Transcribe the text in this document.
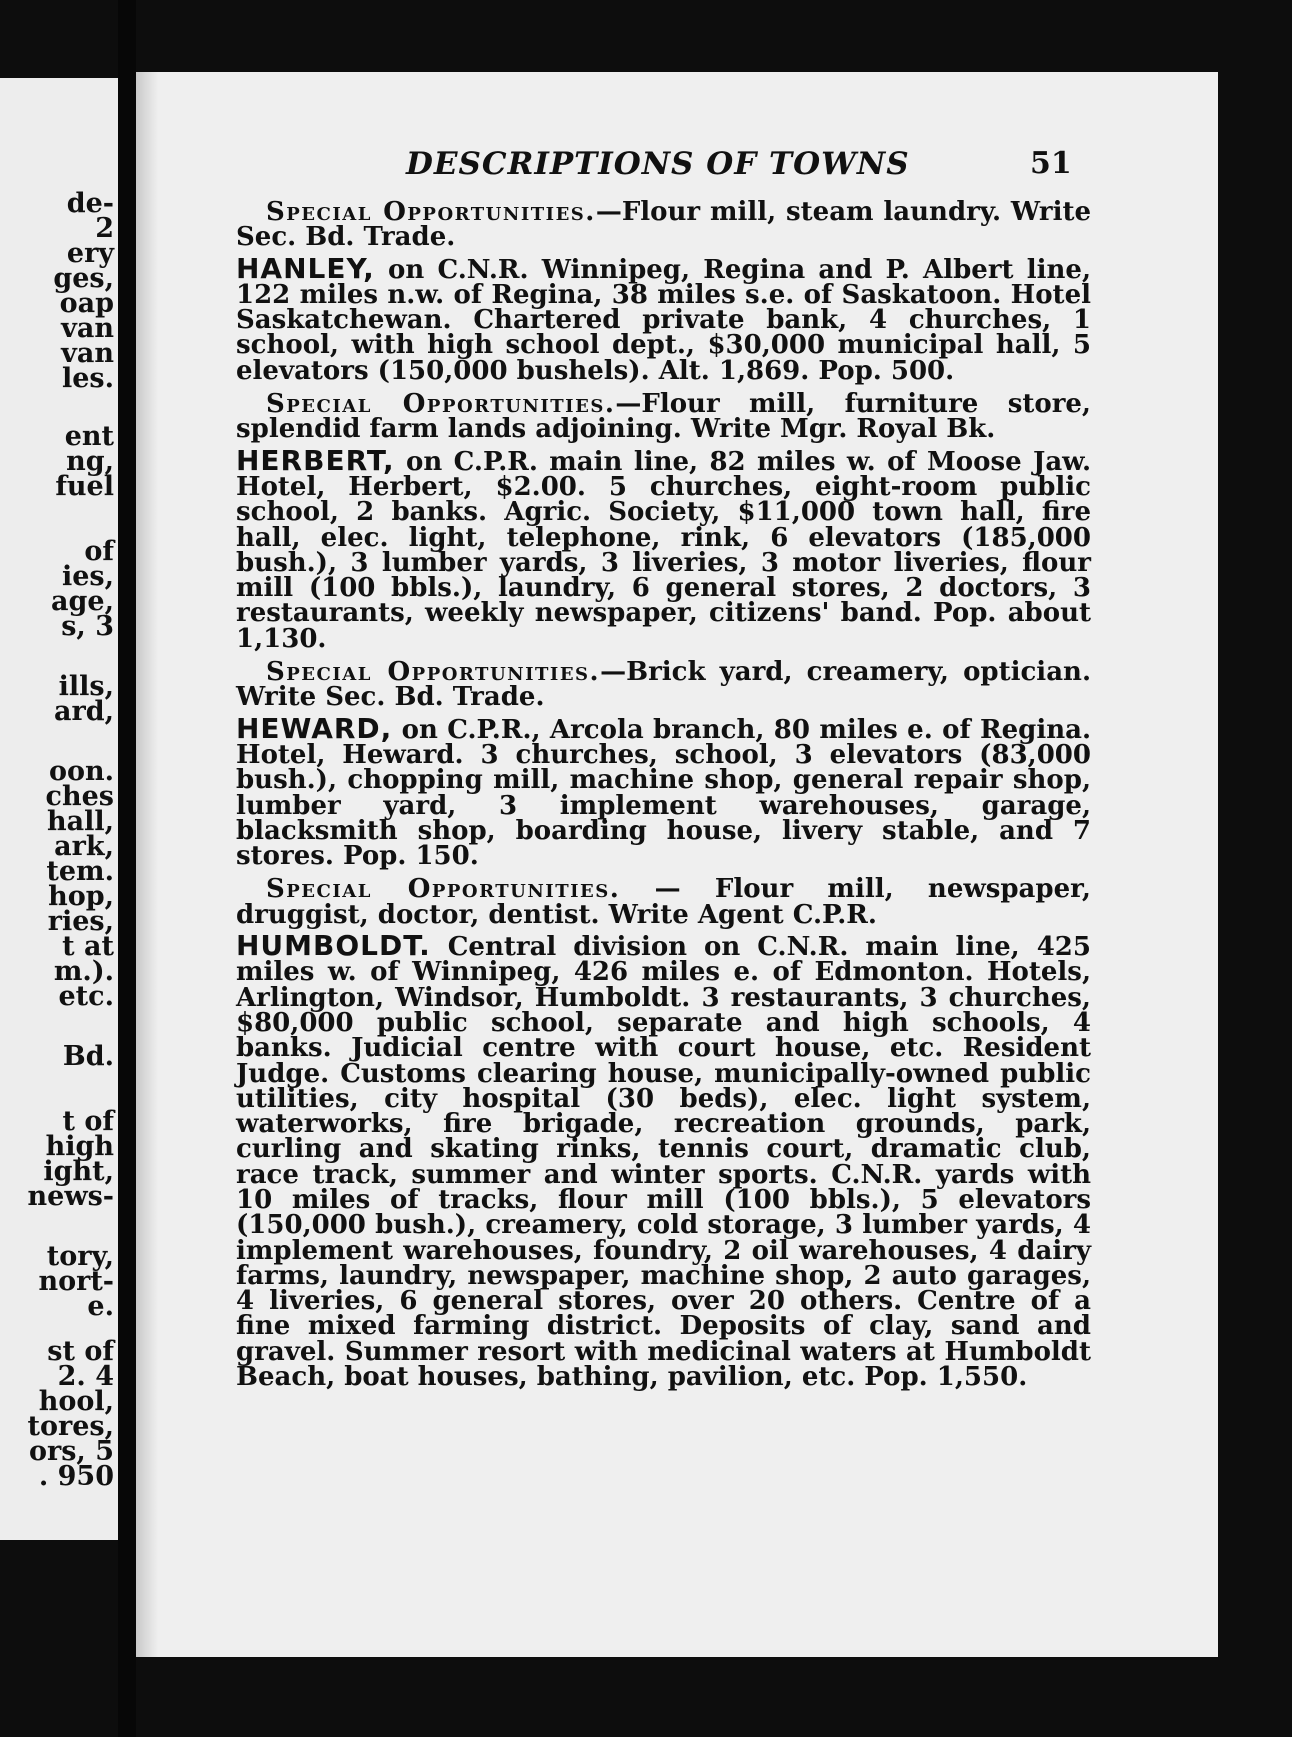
de-

2

ery

ges,

oap

van

van

les.

ent

ng,

fuel

of

ies,

age,

s, 3

ills,

ard,

oon.

ches

hall,

ark,

tem.

hop,

ries,

t at

m.).

etc.

Bd.

t of

high

ight,

news-

tory,

nort-

e.

st of

2. 4

hool,

tores,

ors, 5

. 950

DESCRIPTIONS OF TOWNS	51

Special Opportunities.—Flour mill, steam laundry. Write Sec. Bd. Trade.

HANLEY, on C.N.R. Winnipeg, Regina and P. Albert line, 122 miles n.w. of Regina, 38 miles s.e. of Saskatoon. Hotel Saskatchewan. Chartered private bank, 4 churches, 1 school, with high school dept., $30,000 municipal hall, 5 elevators (150,000 bushels). Alt. 1,869. Pop. 500.

Special Opportunities.—Flour mill, furniture store, splendid farm lands adjoining. Write Mgr. Royal Bk.

HERBERT, on C.P.R. main line, 82 miles w. of Moose Jaw. Hotel, Herbert, $2.00. 5 churches, eight-room public school, 2 banks. Agric. Society, $11,000 town hall, fire hall, elec. light, telephone, rink, 6 elevators (185,000 bush.), 3 lumber yards, 3 liveries, 3 motor liveries, flour mill (100 bbls.), laundry, 6 general stores, 2 doctors, 3 restaurants, weekly newspaper, citizens' band. Pop. about 1,130.

Special Opportunities.—Brick yard, creamery, optician. Write Sec. Bd. Trade.

HEWARD, on C.P.R., Arcola branch, 80 miles e. of Regina. Hotel, Heward. 3 churches, school, 3 elevators (83,000 bush.), chopping mill, machine shop, general repair shop, lumber yard, 3 implement warehouses, garage, blacksmith shop, boarding house, livery stable, and 7 stores. Pop. 150.

Special Opportunities. — Flour mill, newspaper, druggist, doctor, dentist. Write Agent C.P.R.

HUMBOLDT. Central division on C.N.R. main line, 425 miles w. of Winnipeg, 426 miles e. of Edmonton. Hotels, Arlington, Windsor, Humboldt. 3 restaurants, 3 churches, $80,000 public school, separate and high schools, 4 banks. Judicial centre with court house, etc. Resident Judge. Customs clearing house, municipally-owned public utilities, city hospital (30 beds), elec. light system, waterworks, fire brigade, recreation grounds, park, curling and skating rinks, tennis court, dramatic club, race track, summer and winter sports. C.N.R. yards with 10 miles of tracks, flour mill (100 bbls.), 5 elevators (150,000 bush.), creamery, cold storage, 3 lumber yards, 4 implement warehouses, foundry, 2 oil warehouses, 4 dairy farms, laundry, newspaper, machine shop, 2 auto garages, 4 liveries, 6 general stores, over 20 others. Centre of a fine mixed farming district. Deposits of clay, sand and gravel. Summer resort with medicinal waters at Humboldt Beach, boat houses, bathing, pavilion, etc. Pop. 1,550.
